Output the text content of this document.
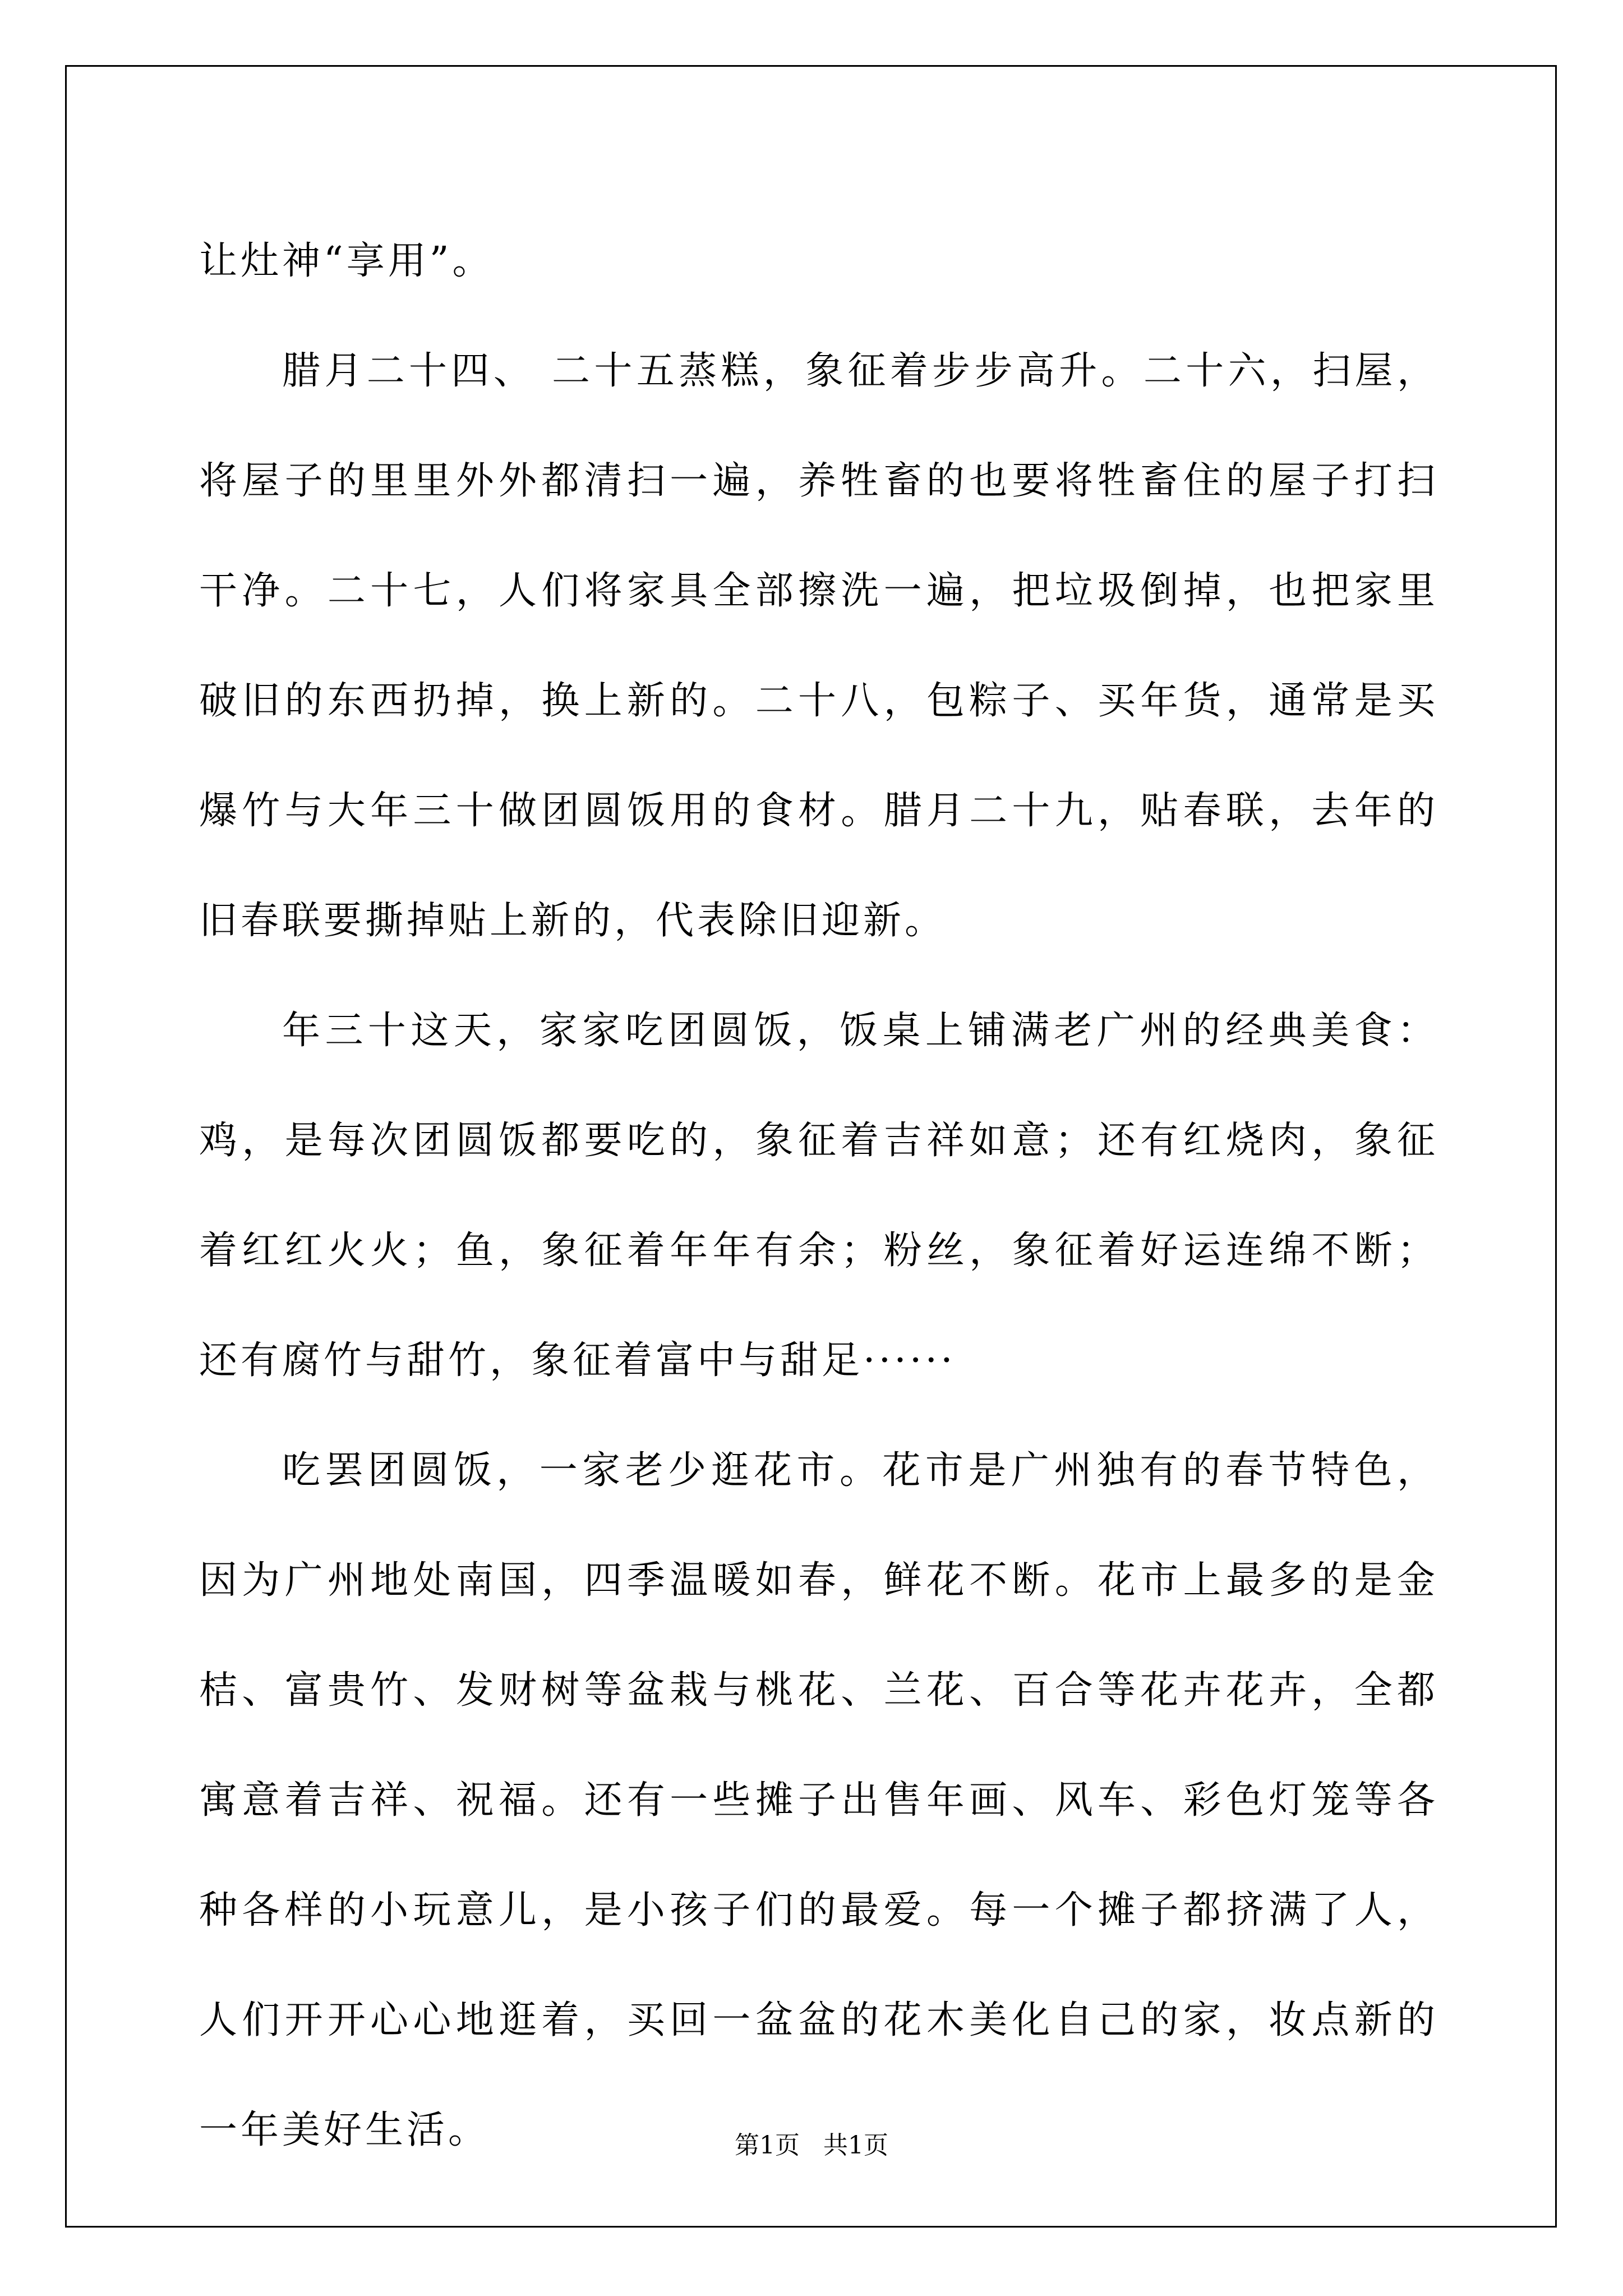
让灶神“享用”。

腊月二十四、 二十五蒸糕，象征着步步高升。二十六，扫屋，将屋子的里里外外都清扫一遍，养牲畜的也要将牲畜住的屋子打扫干净。二十七，人们将家具全部擦洗一遍，把垃圾倒掉，也把家里破旧的东西扔掉，换上新的。二十八，包粽子、买年货，通常是买爆竹与大年三十做团圆饭用的食材。腊月二十九，贴春联，去年的旧春联要撕掉贴上新的，代表除旧迎新。

年三十这天，家家吃团圆饭，饭桌上铺满老广州的经典美食：鸡，是每次团圆饭都要吃的，象征着吉祥如意；还有红烧肉，象征着红红火火；鱼，象征着年年有余；粉丝，象征着好运连绵不断；还有腐竹与甜竹，象征着富中与甜足······

吃罢团圆饭，一家老少逛花市。花市是广州独有的春节特色，因为广州地处南国，四季温暖如春，鲜花不断。花市上最多的是金桔、富贵竹、发财树等盆栽与桃花、兰花、百合等花卉花卉，全都寓意着吉祥、祝福。还有一些摊子出售年画、风车、彩色灯笼等各种各样的小玩意儿，是小孩子们的最爱。每一个摊子都挤满了人，人们开开心心地逛着，买回一盆盆的花木美化自己的家，妆点新的一年美好生活。	第1页   共1页
